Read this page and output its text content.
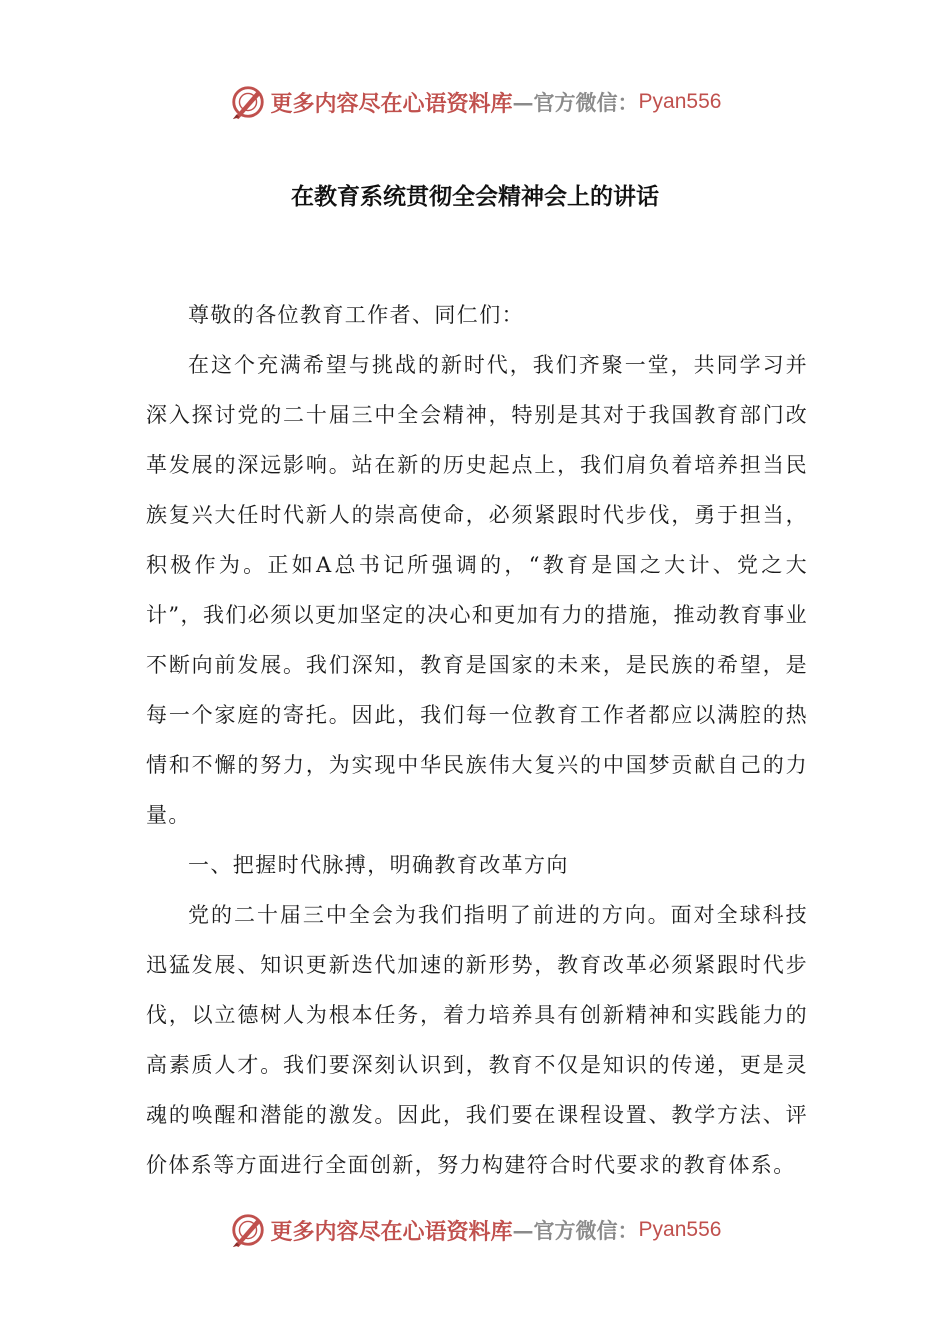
更多内容尽在心语资料库 — 官方微信： Pyan556
在教育系统贯彻全会精神会上的讲话

尊敬的各位教育工作者、同仁们：

在这个充满希望与挑战的新时代，我们齐聚一堂，共同学习并深入探讨党的二十届三中全会精神，特别是其对于我国教育部门改革发展的深远影响。站在新的历史起点上，我们肩负着培养担当民族复兴大任时代新人的崇高使命，必须紧跟时代步伐，勇于担当，积极作为。正如A总书记所强调的，“教育是国之大计、党之大计”，我们必须以更加坚定的决心和更加有力的措施，推动教育事业不断向前发展。我们深知，教育是国家的未来，是民族的希望，是每一个家庭的寄托。因此，我们每一位教育工作者都应以满腔的热情和不懈的努力，为实现中华民族伟大复兴的中国梦贡献自己的力量。

一、把握时代脉搏，明确教育改革方向

党的二十届三中全会为我们指明了前进的方向。面对全球科技迅猛发展、知识更新迭代加速的新形势，教育改革必须紧跟时代步伐，以立德树人为根本任务，着力培养具有创新精神和实践能力的高素质人才。我们要深刻认识到，教育不仅是知识的传递，更是灵魂的唤醒和潜能的激发。因此，我们要在课程设置、教学方法、评价体系等方面进行全面创新，努力构建符合时代要求的教育体系。

更多内容尽在心语资料库 — 官方微信： Pyan556
